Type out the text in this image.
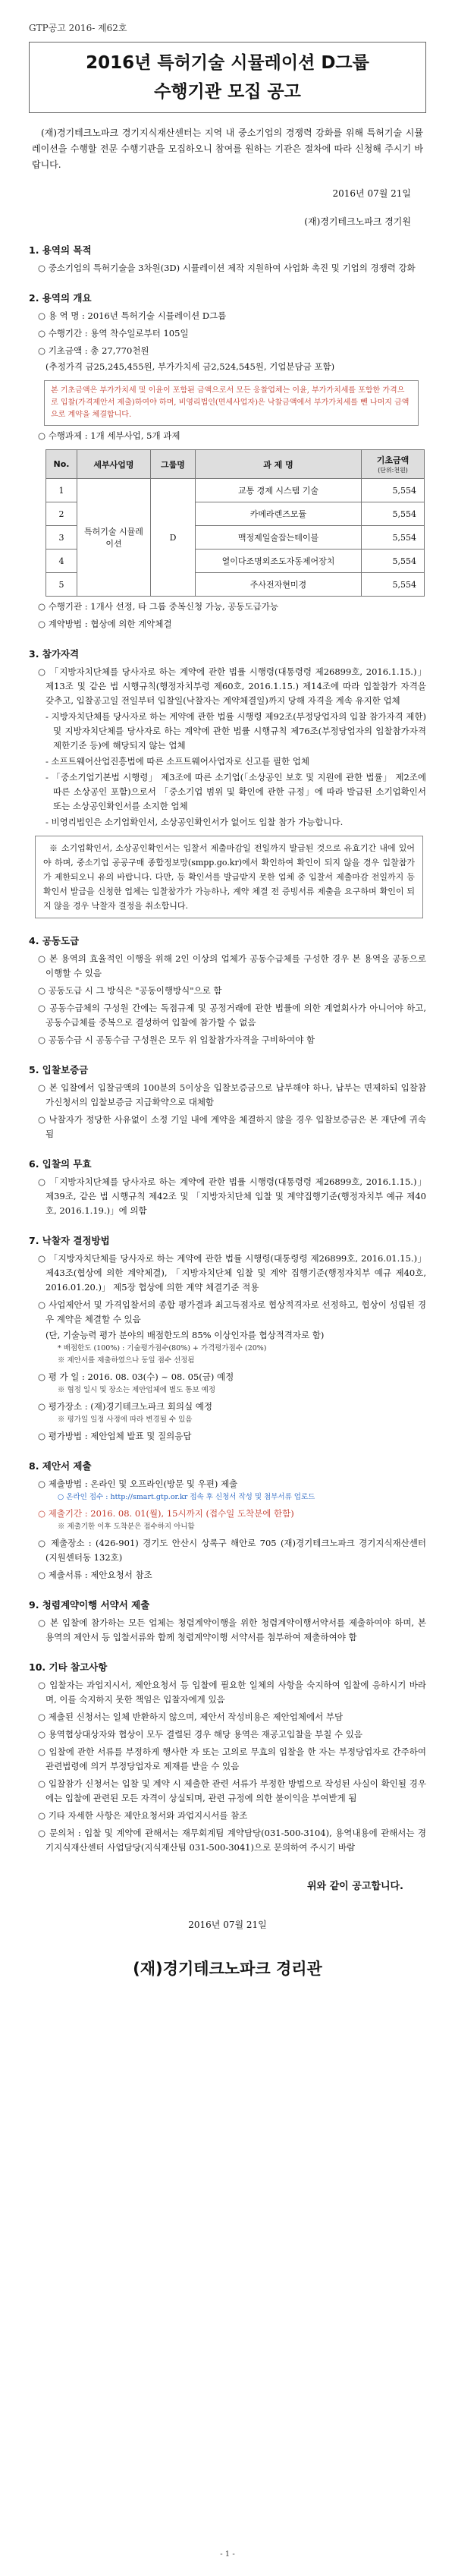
GTP공고 2016- 제62호
2016년 특허기술 시뮬레이션 D그룹
수행기관 모집 공고
(재)경기테크노파크 경기지식재산센터는 지역 내 중소기업의 경쟁력 강화를 위해 특허기술 시뮬레이션을 수행할 전문 수행기관을 모집하오니 참여를 원하는 기관은 절차에 따라 신청해 주시기 바랍니다.
2016년 07월 21일
(재)경기테크노파크 경기원
1. 용역의 목적
○ 중소기업의 특허기술을 3차원(3D) 시뮬레이션 제작 지원하여 사업화 촉진 및 기업의 경쟁력 강화
2. 용역의 개요
○ 용 역 명 : 2016년 특허기술 시뮬레이션 D그룹
○ 수행기간 : 용역 착수일로부터 105일
○ 기초금액 : 총 27,770천원
(추정가격 금25,245,455원, 부가가치세 금2,524,545원, 기업분담금 포함)
본 기초금액은 부가가치세 및 이윤이 포함된 금액으로서 모든 응찰업체는 이윤, 부가가치세를 포함한 가격으로 입찰(가격제안서 제출)하여야 하며, 비영리법인(면세사업자)은 낙찰금액에서 부가가치세를 뺀 나머지 금액으로 계약을 체결합니다.
○ 수행과제 : 1개 세부사업, 5개 과제
No.	세부사업명	그룹명	과 제 명	기초금액
(단위:천원)

1	특허기술 시뮬레이션	D	교통 경제 시스템 기술	5,554
2			카메라렌즈모듈	5,554
3			맥정제일술잡는테이블	5,554
4			열이다조명외조도자동제어장치	5,554
5			주사전자현미경	5,554
○ 수행기관 : 1개사 선정, 타 그룹 중복신청 가능, 공동도급가능
○ 계약방법 : 협상에 의한 계약체결
3. 참가자격
○ 「지방자치단체를 당사자로 하는 계약에 관한 법률 시행령(대통령령 제26899호, 2016.1.15.)」 제13조 및 같은 법 시행규칙(행정자치부령 제60호, 2016.1.15.) 제14조에 따라 입찰참가 자격을 갖추고, 입찰공고일 전일부터 입찰일(낙찰자는 계약체결일)까지 당해 자격을 계속 유지한 업체
- 지방자치단체를 당사자로 하는 계약에 관한 법률 시행령 제92조(부정당업자의 입찰 참가자격 제한) 및 지방자치단체를 당사자로 하는 계약에 관한 법률 시행규칙 제76조(부정당업자의 입찰참가자격 제한기준 등)에 해당되지 않는 업체
- 소프트웨어산업진흥법에 따른 소프트웨어사업자로 신고를 필한 업체
- 「중소기업기본법 시행령」 제3조에 따른 소기업(「소상공인 보호 및 지원에 관한 법률」 제2조에 따른 소상공인 포함)으로서 「중소기업 범위 및 확인에 관한 규정」에 따라 발급된 소기업확인서 또는 소상공인확인서를 소지한 업체
- 비영리법인은 소기업확인서, 소상공인확인서가 없어도 입찰 참가 가능합니다.
※ 소기업확인서, 소상공인확인서는 입찰서 제출마감일 전일까지 발급된 것으로 유효기간 내에 있어야 하며, 중소기업 공공구매 종합정보망(smpp.go.kr)에서 확인하여 확인이 되지 않을 경우 입찰참가가 제한되오니 유의 바랍니다. 다만, 등 확인서를 발급받지 못한 업체 중 입찰서 제출마감 전일까지 등 확인서 발급을 신청한 업체는 입찰참가가 가능하나, 계약 체결 전 증빙서류 제출을 요구하며 확인이 되지 않을 경우 낙찰자 결정을 취소합니다.
4. 공동도급
○ 본 용역의 효율적인 이행을 위해 2인 이상의 업체가 공동수급체를 구성한 경우 본 용역을 공동으로 이행할 수 있음
○ 공동도급 시 그 방식은 "공동이행방식"으로 함
○ 공동수급체의 구성원 간에는 독점규제 및 공정거래에 관한 법률에 의한 계열회사가 아니어야 하고, 공동수급체를 중복으로 결성하여 입찰에 참가할 수 없음
○ 공동수급 시 공동수급 구성원은 모두 위 입찰참가자격을 구비하여야 함
5. 입찰보증금
○ 본 입찰에서 입찰금액의 100분의 5이상을 입찰보증금으로 납부해야 하나, 납부는 면제하되 입찰참가신청서의 입찰보증금 지급확약으로 대체함
○ 낙찰자가 정당한 사유없이 소정 기일 내에 계약을 체결하지 않을 경우 입찰보증금은 본 재단에 귀속됨
6. 입찰의 무효
○ 「지방자치단체를 당사자로 하는 계약에 관한 법률 시행령(대통령령 제26899호, 2016.1.15.)」 제39조, 같은 법 시행규칙 제42조 및 「지방자치단체 입찰 및 계약집행기준(행정자치부 예규 제40호, 2016.1.19.)」에 의함
7. 낙찰자 결정방법
○ 「지방자치단체를 당사자로 하는 계약에 관한 법률 시행령(대통령령 제26899호, 2016.01.15.)」 제43조(협상에 의한 계약체결), 「지방자치단체 입찰 및 계약 집행기준(행정자치부 예규 제40호, 2016.01.20.)」 제5장 협상에 의한 계약 체결기준 적용
○ 사업제안서 및 가격입찰서의 종합 평가결과 최고득점자로 협상적격자로 선정하고, 협상이 성립된 경우 계약을 체결할 수 있음
(단, 기술능력 평가 분야의 배점한도의 85% 이상인자를 협상적격자로 함)
* 배점한도 (100%) : 기술평가점수(80%) + 가격평가점수 (20%)
※ 제안서를 제출하였으나 동일 점수 선정됨
○ 평 가 일 : 2016. 08. 03(수) ~ 08. 05(금) 예정
※ 협정 일시 및 장소는 제안업체에 별도 통보 예정
○ 평가장소 : (재)경기테크노파크 회의실 예정
※ 평가일 일정 사정에 따라 변경될 수 있음
○ 평가방법 : 제안업체 발표 및 질의응답
8. 제안서 제출
○ 제출방법 : 온라인 및 오프라인(방문 및 우편) 제출
○ 온라인 접수 : http://smart.gtp.or.kr 접속 후 신청서 작성 및 첨부서류 업로드
○ 제출기간 : 2016. 08. 01(월), 15시까지 (접수일 도착분에 한함)
※ 제출기한 이후 도착분은 접수하지 아니함
○ 제출장소 : (426-901) 경기도 안산시 상록구 해안로 705 (재)경기테크노파크 경기지식재산센터 (지원센터동 132호)
○ 제출서류 : 제안요청서 참조
9. 청렴계약이행 서약서 제출
○ 본 입찰에 참가하는 모든 업체는 청렴계약이행을 위한 청렴계약이행서약서를 제출하여야 하며, 본 용역의 제안서 등 입찰서류와 함께 청렴계약이행 서약서를 첨부하여 제출하여야 함
10. 기타 참고사항
○ 입찰자는 과업지시서, 제안요청서 등 입찰에 필요한 일체의 사항을 숙지하여 입찰에 응하시기 바라며, 이를 숙지하지 못한 책임은 입찰자에게 있음
○ 제출된 신청서는 일체 반환하지 않으며, 제안서 작성비용은 제안업체에서 부담
○ 용역협상대상자와 협상이 모두 결렬된 경우 해당 용역은 재공고입찰을 부칠 수 있음
○ 입찰에 관한 서류를 부정하게 행사한 자 또는 고의로 무효의 입찰을 한 자는 부정당업자로 간주하여 관련법령에 의거 부정당업자로 제재를 받을 수 있음
○ 입찰참가 신청서는 입찰 및 계약 시 제출한 관련 서류가 부정한 방법으로 작성된 사실이 확인될 경우에는 입찰에 관련된 모든 자격이 상실되며, 관련 규정에 의한 불이익을 부여받게 됨
○ 기타 자세한 사항은 제안요청서와 과업지시서를 참조
○ 문의처 : 입찰 및 계약에 관해서는 재무회계팀 계약담당(031-500-3104), 용역내용에 관해서는 경기지식재산센터 사업담당(지식재산팀 031-500-3041)으로 문의하여 주시기 바람
위와 같이 공고합니다.
2016년 07월 21일
(재)경기테크노파크 경리관
- 1 -
